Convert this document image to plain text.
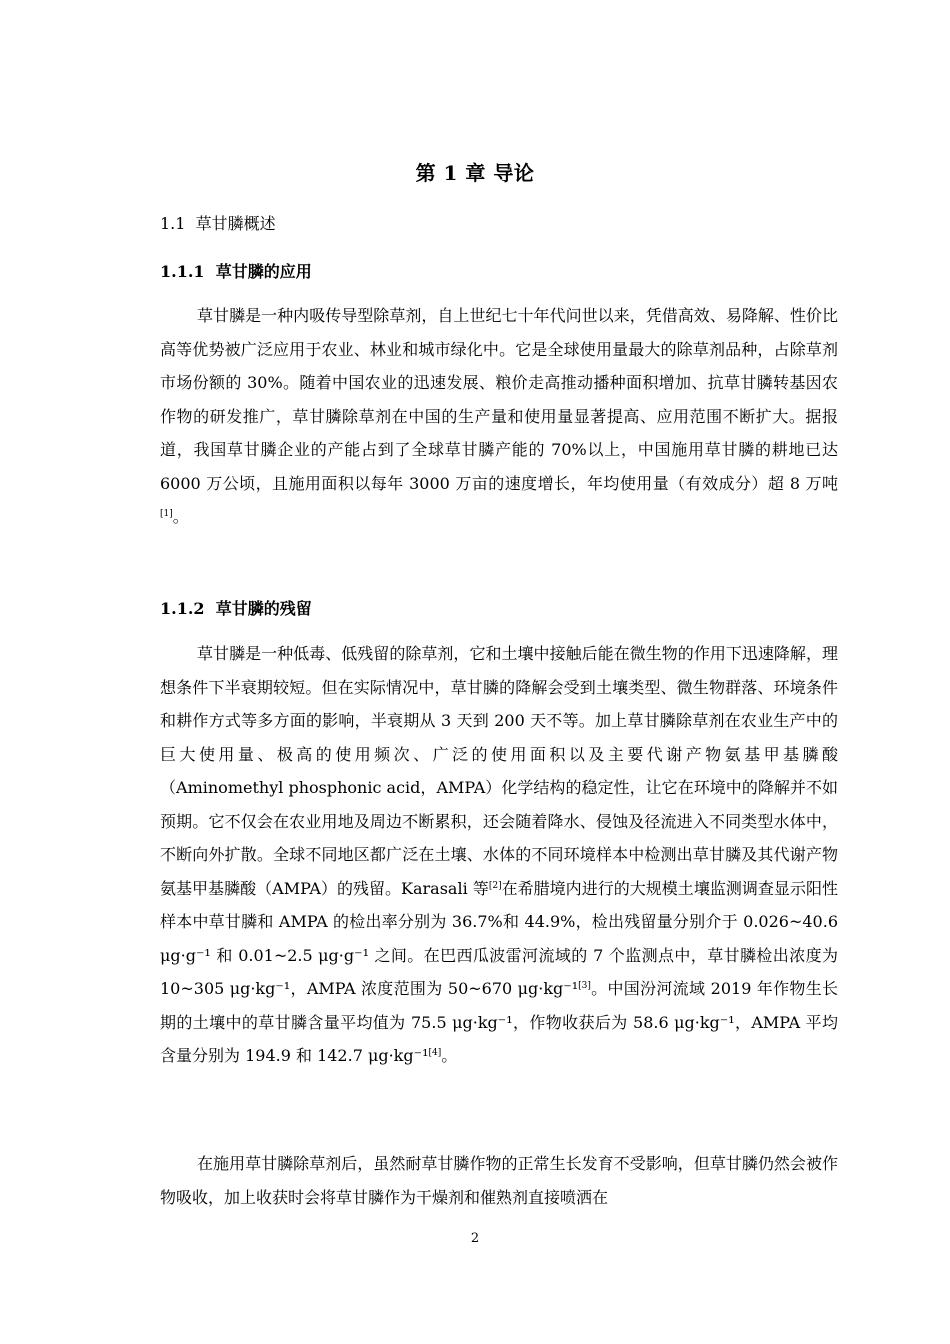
第 1 章 导论
1.1 草甘膦概述
1.1.1 草甘膦的应用

草甘膦是一种内吸传导型除草剂，自上世纪七十年代问世以来，凭借高效、易降解、性价比高等优势被广泛应用于农业、林业和城市绿化中。它是全球使用量最大的除草剂品种，占除草剂市场份额的 30%。随着中国农业的迅速发展、粮价走高推动播种面积增加、抗草甘膦转基因农作物的研发推广，草甘膦除草剂在中国的生产量和使用量显著提高、应用范围不断扩大。据报道，我国草甘膦企业的产能占到了全球草甘膦产能的 70%以上，中国施用草甘膦的耕地已达 6000 万公顷，且施用面积以每年 3000 万亩的速度增长，年均使用量（有效成分）超 8 万吨[1]。

1.1.2 草甘膦的残留

草甘膦是一种低毒、低残留的除草剂，它和土壤中接触后能在微生物的作用下迅速降解，理想条件下半衰期较短。但在实际情况中，草甘膦的降解会受到土壤类型、微生物群落、环境条件和耕作方式等多方面的影响，半衰期从 3 天到 200 天不等。加上草甘膦除草剂在农业生产中的巨大使用量、极高的使用频次、广泛的使用面积以及主要代谢产物氨基甲基膦酸（Aminomethyl phosphonic acid，AMPA）化学结构的稳定性，让它在环境中的降解并不如预期。它不仅会在农业用地及周边不断累积，还会随着降水、侵蚀及径流进入不同类型水体中，不断向外扩散。全球不同地区都广泛在土壤、水体的不同环境样本中检测出草甘膦及其代谢产物氨基甲基膦酸（AMPA）的残留。Karasali 等[2]在希腊境内进行的大规模土壤监测调查显示阳性样本中草甘膦和 AMPA 的检出率分别为 36.7%和 44.9%，检出残留量分别介于 0.026~40.6 μg·g⁻¹ 和 0.01~2.5 μg·g⁻¹ 之间。在巴西瓜波雷河流域的 7 个监测点中，草甘膦检出浓度为 10~305 μg·kg⁻¹，AMPA 浓度范围为 50~670 μg·kg⁻¹[3]。中国汾河流域 2019 年作物生长期的土壤中的草甘膦含量平均值为 75.5 μg·kg⁻¹，作物收获后为 58.6 μg·kg⁻¹，AMPA 平均含量分别为 194.9 和 142.7 μg·kg⁻¹[4]。

在施用草甘膦除草剂后，虽然耐草甘膦作物的正常生长发育不受影响，但草甘膦仍然会被作物吸收，加上收获时会将草甘膦作为干燥剂和催熟剂直接喷洒在

2
